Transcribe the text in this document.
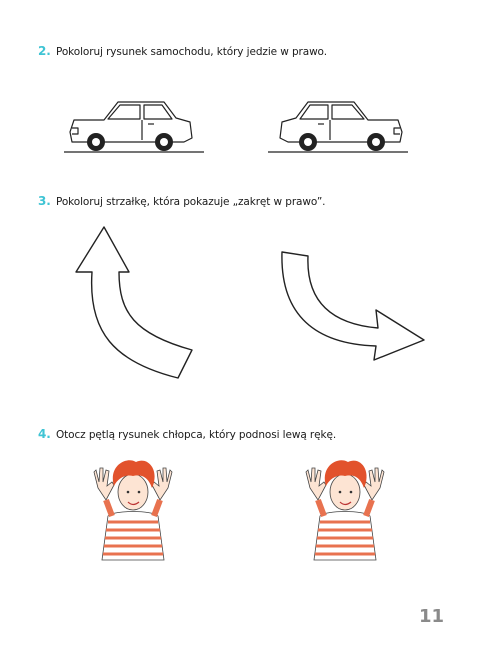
2. Pokoloruj rysunek samochodu, który jedzie w prawo.
3. Pokoloruj strzałkę, która pokazuje „zakręt w prawo”.
4. Otocz pętlą rysunek chłopca, który podnosi lewą rękę.
11
